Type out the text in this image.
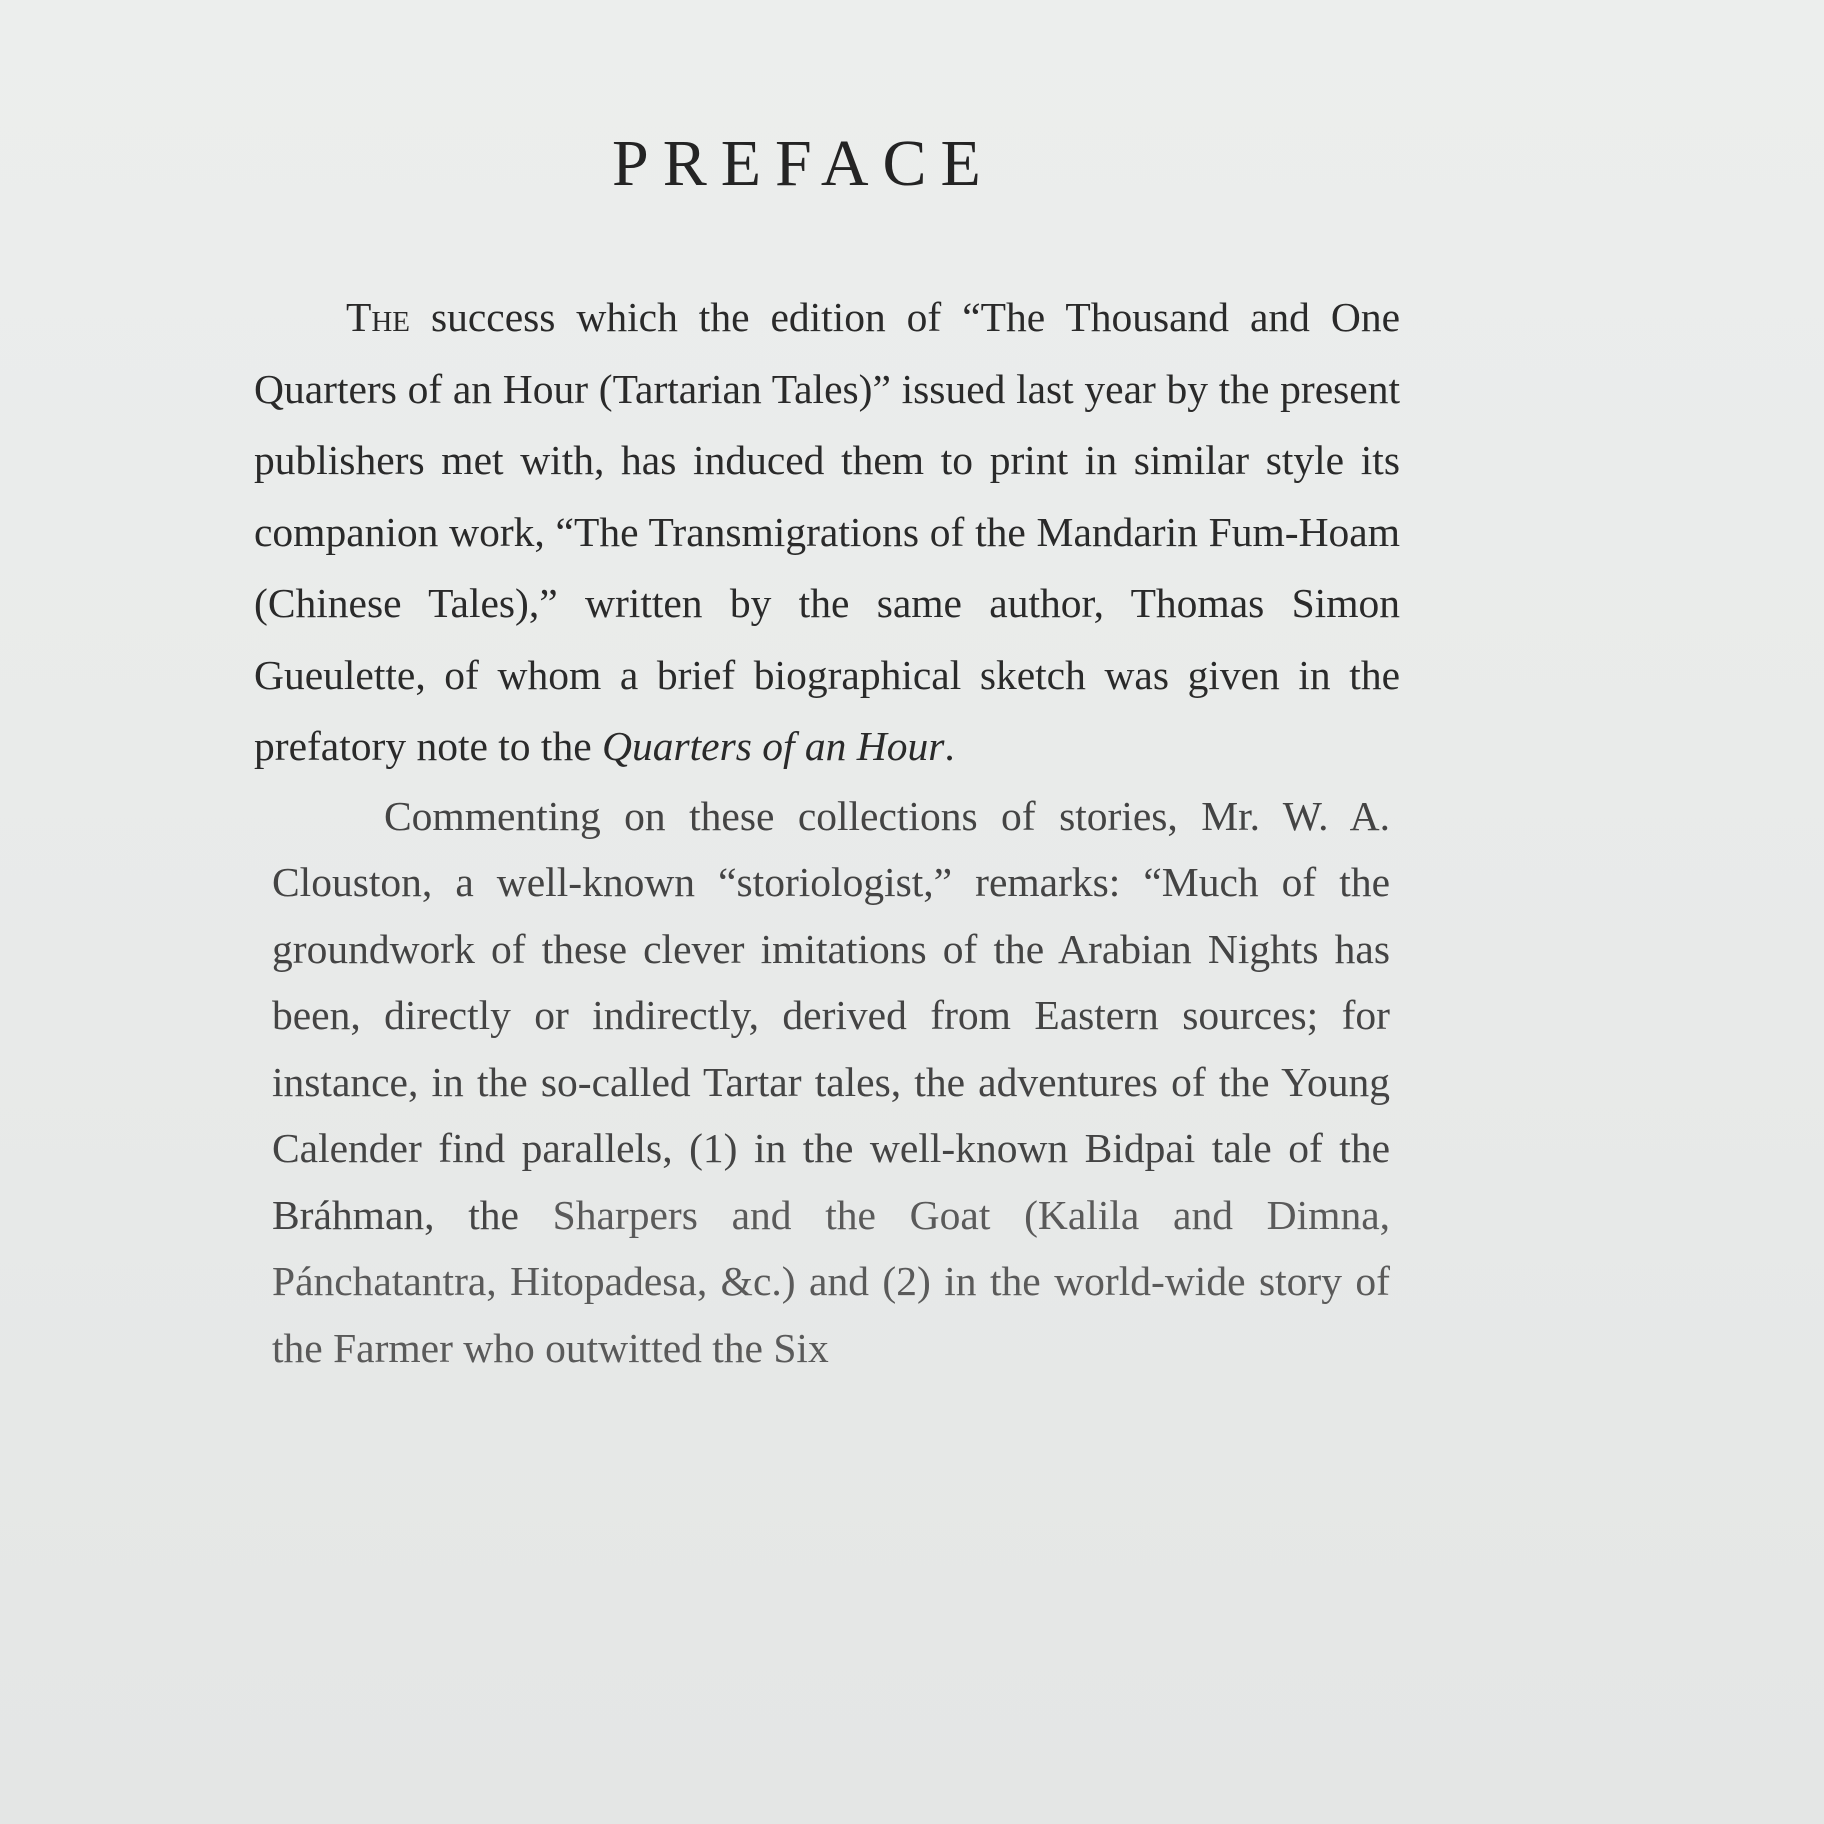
PREFACE

The success which the edition of “The Thousand and One Quarters of an Hour (Tartarian Tales)” issued last year by the present publishers met with, has induced them to print in similar style its companion work, “The Transmigrations of the Mandarin Fum-Hoam (Chinese Tales),” written by the same author, Thomas Simon Gueulette, of whom a brief biographical sketch was given in the prefatory note to the Quarters of an Hour.

Commenting on these collections of stories, Mr. W. A. Clouston, a well-known “storiologist,” remarks: “Much of the groundwork of these clever imitations of the Arabian Nights has been, directly or indirectly, derived from Eastern sources; for instance, in the so-called Tartar tales, the adventures of the Young Calender find parallels, (1) in the well-known Bidpai tale of the Bráhman, the Sharpers and the Goat (Kalila and Dimna, Pánchatantra, Hitopadesa, &c.) and (2) in the world-wide story of the Farmer who outwitted the Six
